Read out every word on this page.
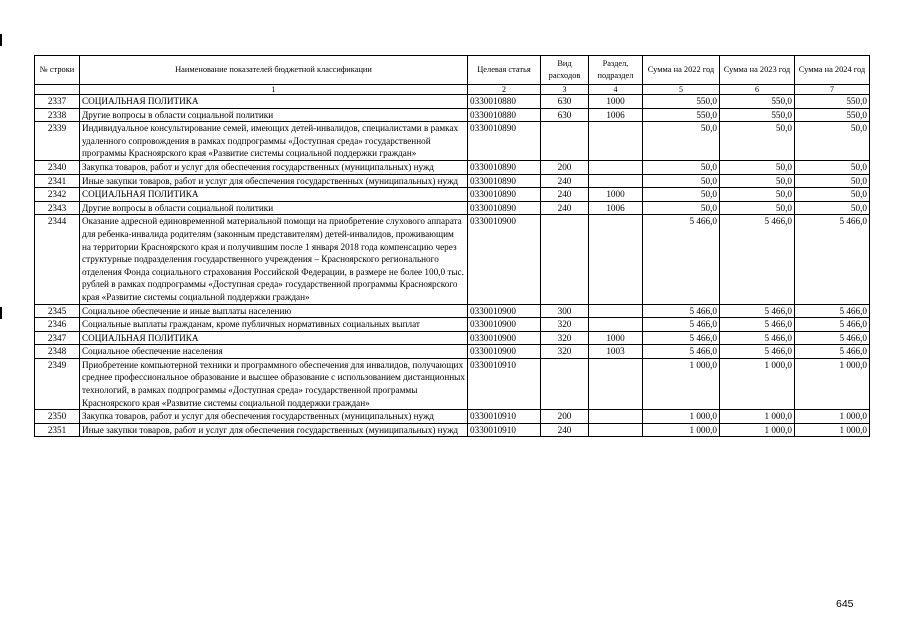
№ строки	Наименование показателей бюджетной классификации	Целевая статья	Вид расходов	Раздел, подраздел	Сумма на 2022 год	Сумма на 2023 год	Сумма на 2024 год
	1	2	3	4	5	6	7
2337	СОЦИАЛЬНАЯ ПОЛИТИКА	0330010880	630	1000	550,0	550,0	550,0
2338	Другие вопросы в области социальной политики	0330010880	630	1006	550,0	550,0	550,0
2339	Индивидуальное консультирование семей, имеющих детей-инвалидов, специалистами в рамках удаленного сопровождения в рамках подпрограммы «Доступная среда» государственной программы Красноярского края «Развитие системы социальной поддержки граждан»	0330010890			50,0	50,0	50,0
2340	Закупка товаров, работ и услуг для обеспечения государственных (муниципальных) нужд	0330010890	200		50,0	50,0	50,0
2341	Иные закупки товаров, работ и услуг для обеспечения государственных (муниципальных) нужд	0330010890	240		50,0	50,0	50,0
2342	СОЦИАЛЬНАЯ ПОЛИТИКА	0330010890	240	1000	50,0	50,0	50,0
2343	Другие вопросы в области социальной политики	0330010890	240	1006	50,0	50,0	50,0
2344	Оказание адресной единовременной материальной помощи на приобретение слухового аппарата для ребенка-инвалида родителям (законным представителям) детей-инвалидов, проживающим на территории Красноярского края и получившим после 1 января 2018 года компенсацию через структурные подразделения государственного учреждения – Красноярского регионального отделения Фонда социального страхования Российской Федерации, в размере не более 100,0 тыс. рублей в рамках подпрограммы «Доступная среда» государственной программы Красноярского края «Развитие системы социальной поддержки граждан»	0330010900			5 466,0	5 466,0	5 466,0
2345	Социальное обеспечение и иные выплаты населению	0330010900	300		5 466,0	5 466,0	5 466,0
2346	Социальные выплаты гражданам, кроме публичных нормативных социальных выплат	0330010900	320		5 466,0	5 466,0	5 466,0
2347	СОЦИАЛЬНАЯ ПОЛИТИКА	0330010900	320	1000	5 466,0	5 466,0	5 466,0
2348	Социальное обеспечение населения	0330010900	320	1003	5 466,0	5 466,0	5 466,0
2349	Приобретение компьютерной техники и программного обеспечения для инвалидов, получающих среднее профессиональное образование и высшее образование с использованием дистанционных технологий, в рамках подпрограммы «Доступная среда» государственной программы Красноярского края «Развитие системы социальной поддержки граждан»	0330010910			1 000,0	1 000,0	1 000,0
2350	Закупка товаров, работ и услуг для обеспечения государственных (муниципальных) нужд	0330010910	200		1 000,0	1 000,0	1 000,0
2351	Иные закупки товаров, работ и услуг для обеспечения государственных (муниципальных) нужд	0330010910	240		1 000,0	1 000,0	1 000,0
645
